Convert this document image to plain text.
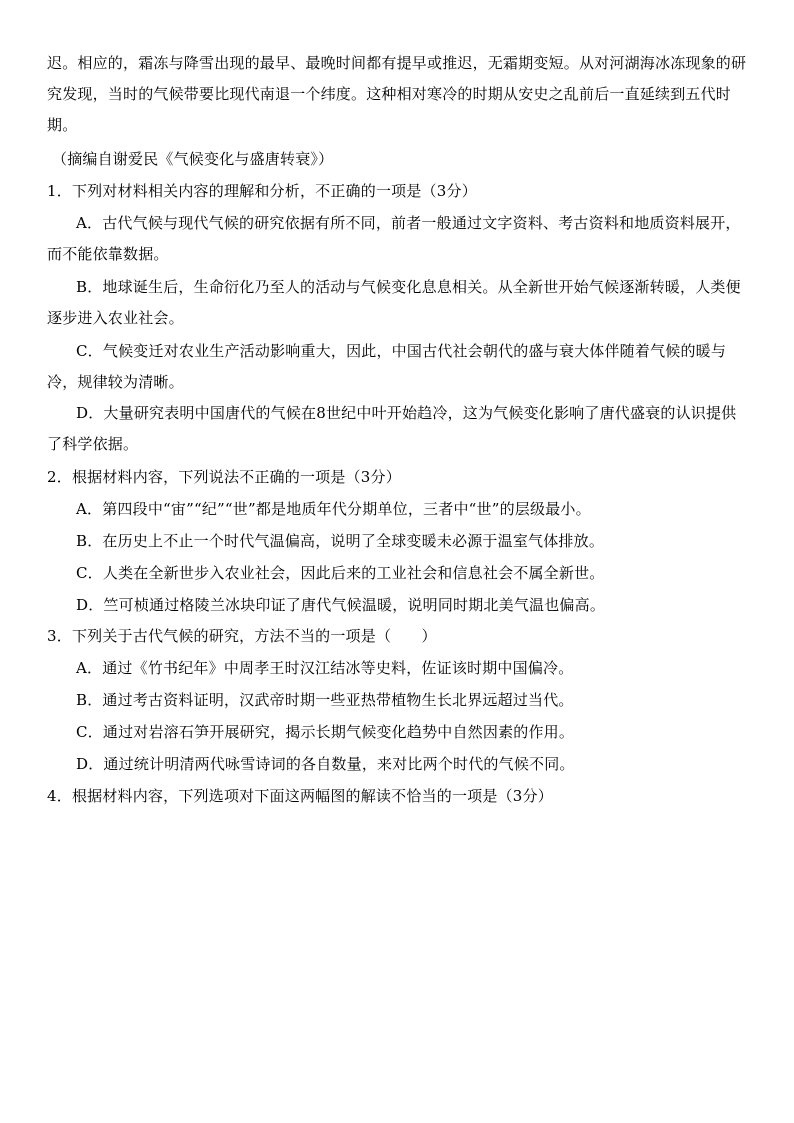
迟。相应的，霜冻与降雪出现的最早、最晚时间都有提早或推迟，无霜期变短。从对河湖海冰冻现象的研究发现，当时的气候带要比现代南退一个纬度。这种相对寒冷的时期从安史之乱前后一直延续到五代时期。
（摘编自谢爱民《气候变化与盛唐转衰》）
1．下列对材料相关内容的理解和分析，不正确的一项是（3分）
A．古代气候与现代气候的研究依据有所不同，前者一般通过文字资料、考古资料和地质资料展开，而不能依靠数据。
B．地球诞生后，生命衍化乃至人的活动与气候变化息息相关。从全新世开始气候逐渐转暖，人类便逐步进入农业社会。
C．气候变迁对农业生产活动影响重大，因此，中国古代社会朝代的盛与衰大体伴随着气候的暖与冷，规律较为清晰。
D．大量研究表明中国唐代的气候在8世纪中叶开始趋冷，这为气候变化影响了唐代盛衰的认识提供了科学依据。
2．根据材料内容，下列说法不正确的一项是（3分）
A．第四段中“宙”“纪”“世”都是地质年代分期单位，三者中“世”的层级最小。
B．在历史上不止一个时代气温偏高，说明了全球变暖未必源于温室气体排放。
C．人类在全新世步入农业社会，因此后来的工业社会和信息社会不属全新世。
D．竺可桢通过格陵兰冰块印证了唐代气候温暖，说明同时期北美气温也偏高。
3．下列关于古代气候的研究，方法不当的一项是（　　）
A．通过《竹书纪年》中周孝王时汉江结冰等史料，佐证该时期中国偏冷。
B．通过考古资料证明，汉武帝时期一些亚热带植物生长北界远超过当代。
C．通过对岩溶石笋开展研究，揭示长期气候变化趋势中自然因素的作用。
D．通过统计明清两代咏雪诗词的各自数量，来对比两个时代的气候不同。
4．根据材料内容，下列选项对下面这两幅图的解读不恰当的一项是（3分）
